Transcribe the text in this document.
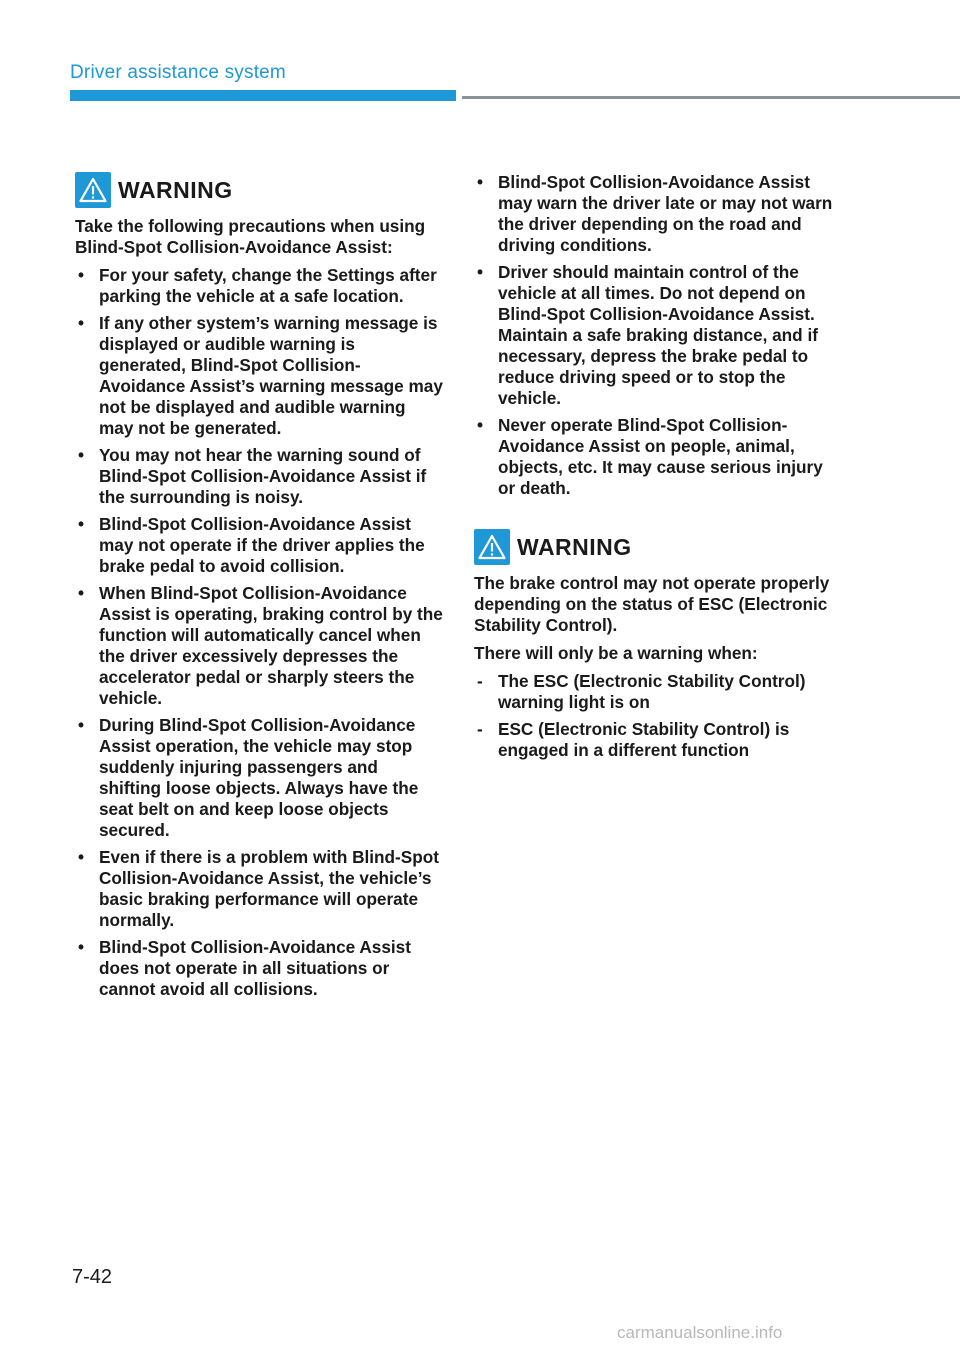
Driver assistance system
WARNING

Take the following precautions when using Blind-Spot Collision-Avoidance Assist:

• For your safety, change the Settings after parking the vehicle at a safe location.
• If any other system’s warning message is displayed or audible warning is generated, Blind-Spot Collision-Avoidance Assist’s warning message may not be displayed and audible warning may not be generated.
• You may not hear the warning sound of Blind-Spot Collision-Avoidance Assist if the surrounding is noisy.
• Blind-Spot Collision-Avoidance Assist may not operate if the driver applies the brake pedal to avoid collision.
• When Blind-Spot Collision-Avoidance Assist is operating, braking control by the function will automatically cancel when the driver excessively depresses the accelerator pedal or sharply steers the vehicle.
• During Blind-Spot Collision-Avoidance Assist operation, the vehicle may stop suddenly injuring passengers and shifting loose objects. Always have the seat belt on and keep loose objects secured.
• Even if there is a problem with Blind-Spot Collision-Avoidance Assist, the vehicle’s basic braking performance will operate normally.
• Blind-Spot Collision-Avoidance Assist does not operate in all situations or cannot avoid all collisions.
• Blind-Spot Collision-Avoidance Assist may warn the driver late or may not warn the driver depending on the road and driving conditions.
• Driver should maintain control of the vehicle at all times. Do not depend on Blind-Spot Collision-Avoidance Assist. Maintain a safe braking distance, and if necessary, depress the brake pedal to reduce driving speed or to stop the vehicle.
• Never operate Blind-Spot Collision-Avoidance Assist on people, animal, objects, etc. It may cause serious injury or death.
WARNING

The brake control may not operate properly depending on the status of ESC (Electronic Stability Control).

There will only be a warning when:

- The ESC (Electronic Stability Control) warning light is on
- ESC (Electronic Stability Control) is engaged in a different function
7-42
carmanualsonline.info
